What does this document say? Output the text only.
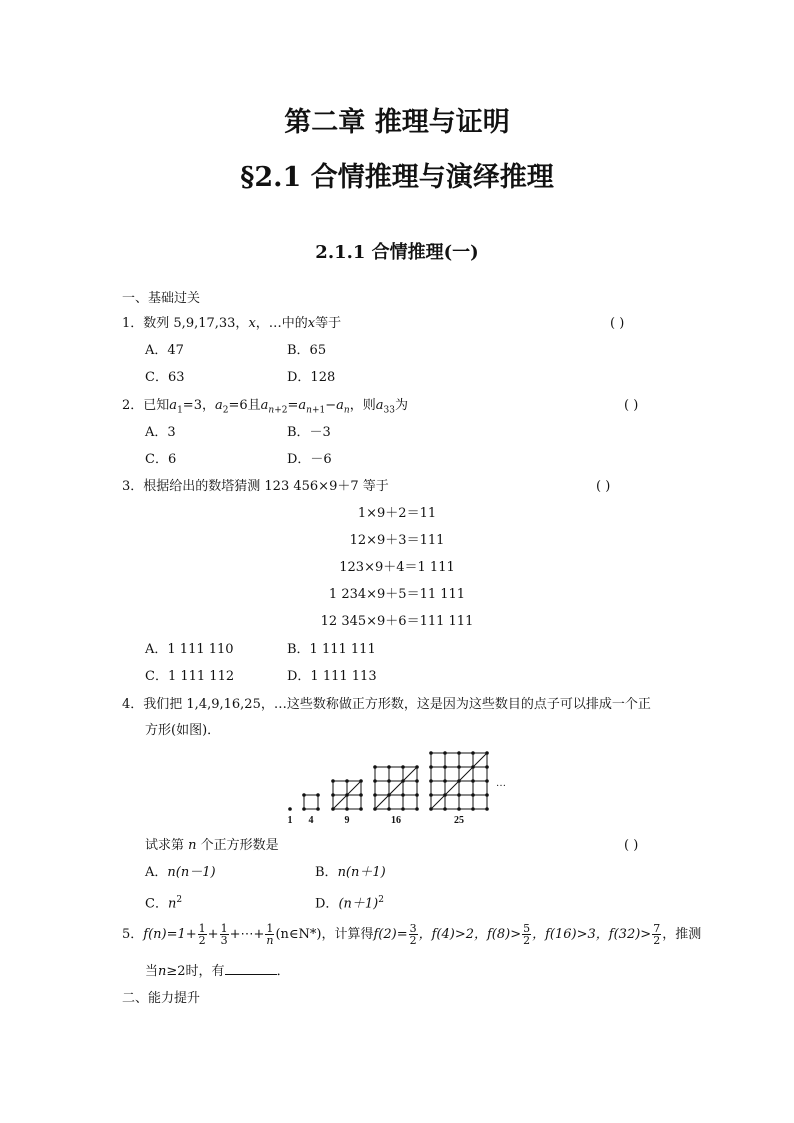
第二章 推理与证明
§2.1 合情推理与演绎推理
2.1.1 合情推理(一)
一、基础过关
1．数列 5,9,17,33，x，…中的x等于	( )
A．47	B．65
C．63	D．128
2．已知$a_1=3$，$a_2=6$且$a_{n+2}=a_{n+1}-a_n$，则$a_{33}$为	( )
A．3	B．－3
C．6	D．－6
3．根据给出的数塔猜测 123 456×9＋7 等于	( )
1×9＋2＝11
12×9＋3＝111
123×9＋4＝1 111
1 234×9＋5＝11 111
12 345×9＋6＝111 111
A．1 111 110	B．1 111 111
C．1 111 112	D．1 111 113
4．我们把 1,4,9,16,25，…这些数称做正方形数，这是因为这些数目的点子可以排成一个正
方形(如图)．
1 4	9	16	25
…
试求第 n 个正方形数是	( )
A．n(n－1)	B．n(n＋1)
C．$n^2$	D．$(n+1)^2$
5．$f(n)=1+ \frac{1}{2} + \frac{1}{3}$ +⋯+ $\frac{1}{n}$ (n∈N*)，计算得$f(2)= \frac{3}{2}$ ，f(4)>2，$f(8)> \frac{5}{2}$ ，f(16)>3，$f(32)> \frac{7}{2}$ ，推测
当n≥2时，有	．
二、能力提升
